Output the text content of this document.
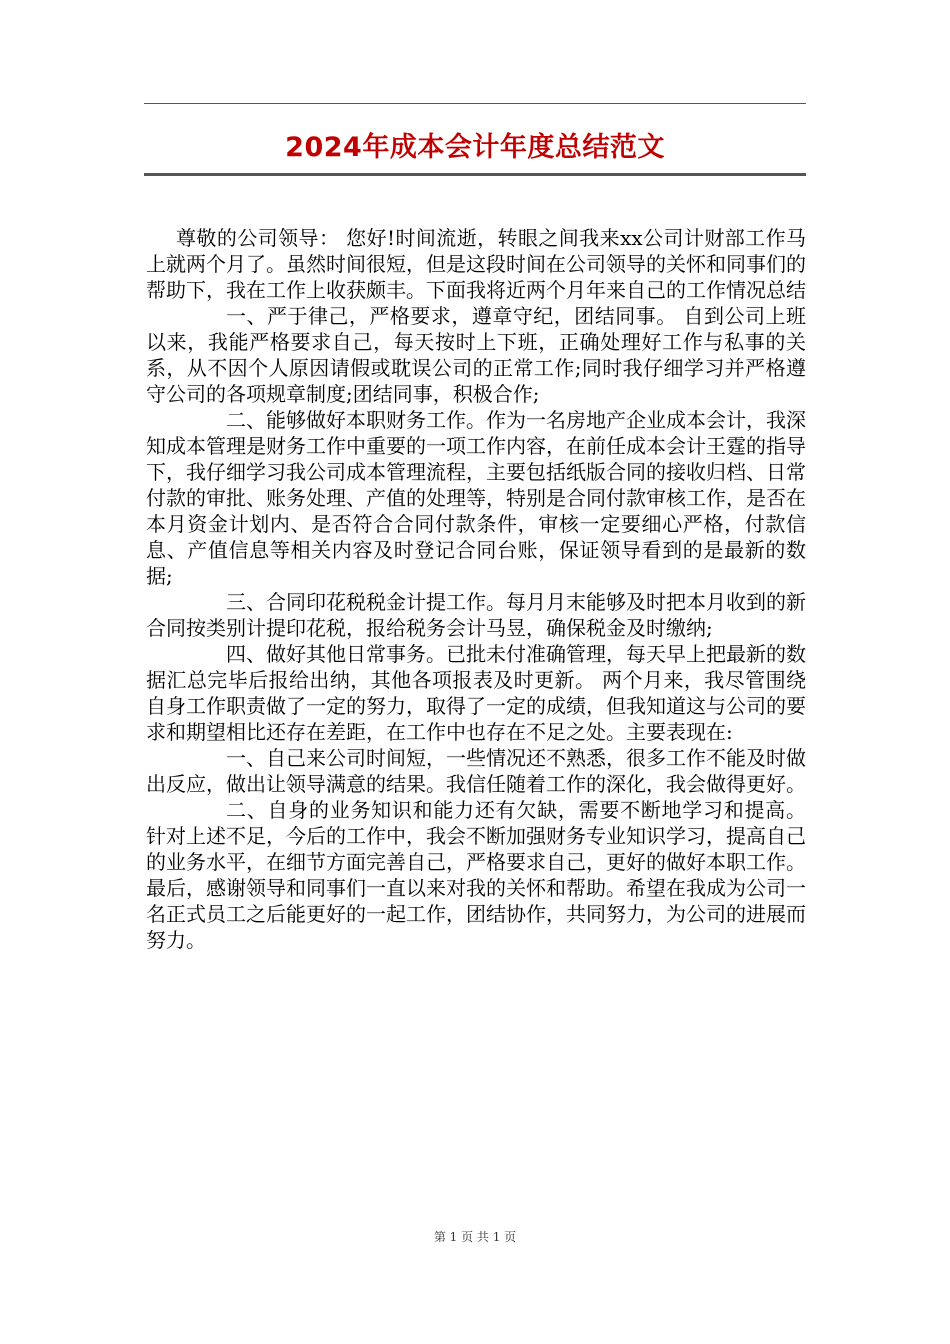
2024年成本会计年度总结范文

尊敬的公司领导： 您好!时间流逝，转眼之间我来xx公司计财部工作马上就两个月了。虽然时间很短，但是这段时间在公司领导的关怀和同事们的帮助下，我在工作上收获颇丰。下面我将近两个月年来自己的工作情况总结

一、严于律己，严格要求，遵章守纪，团结同事。 自到公司上班以来，我能严格要求自己，每天按时上下班，正确处理好工作与私事的关系，从不因个人原因请假或耽误公司的正常工作;同时我仔细学习并严格遵守公司的各项规章制度;团结同事，积极合作;

二、能够做好本职财务工作。作为一名房地产企业成本会计，我深知成本管理是财务工作中重要的一项工作内容，在前任成本会计王霆的指导下，我仔细学习我公司成本管理流程，主要包括纸版合同的接收归档、日常付款的审批、账务处理、产值的处理等，特别是合同付款审核工作，是否在本月资金计划内、是否符合合同付款条件，审核一定要细心严格，付款信息、产值信息等相关内容及时登记合同台账，保证领导看到的是最新的数据;

三、合同印花税税金计提工作。每月月末能够及时把本月收到的新合同按类别计提印花税，报给税务会计马昱，确保税金及时缴纳;

四、做好其他日常事务。已批未付准确管理，每天早上把最新的数据汇总完毕后报给出纳，其他各项报表及时更新。 两个月来，我尽管围绕自身工作职责做了一定的努力，取得了一定的成绩，但我知道这与公司的要求和期望相比还存在差距，在工作中也存在不足之处。主要表现在:

一、自己来公司时间短，一些情况还不熟悉，很多工作不能及时做出反应，做出让领导满意的结果。我信任随着工作的深化，我会做得更好。

二、自身的业务知识和能力还有欠缺，需要不断地学习和提高。 针对上述不足，今后的工作中，我会不断加强财务专业知识学习，提高自己的业务水平，在细节方面完善自己，严格要求自己，更好的做好本职工作。 最后，感谢领导和同事们一直以来对我的关怀和帮助。希望在我成为公司一名正式员工之后能更好的一起工作，团结协作，共同努力，为公司的进展而努力。

第 1 页 共 1 页
